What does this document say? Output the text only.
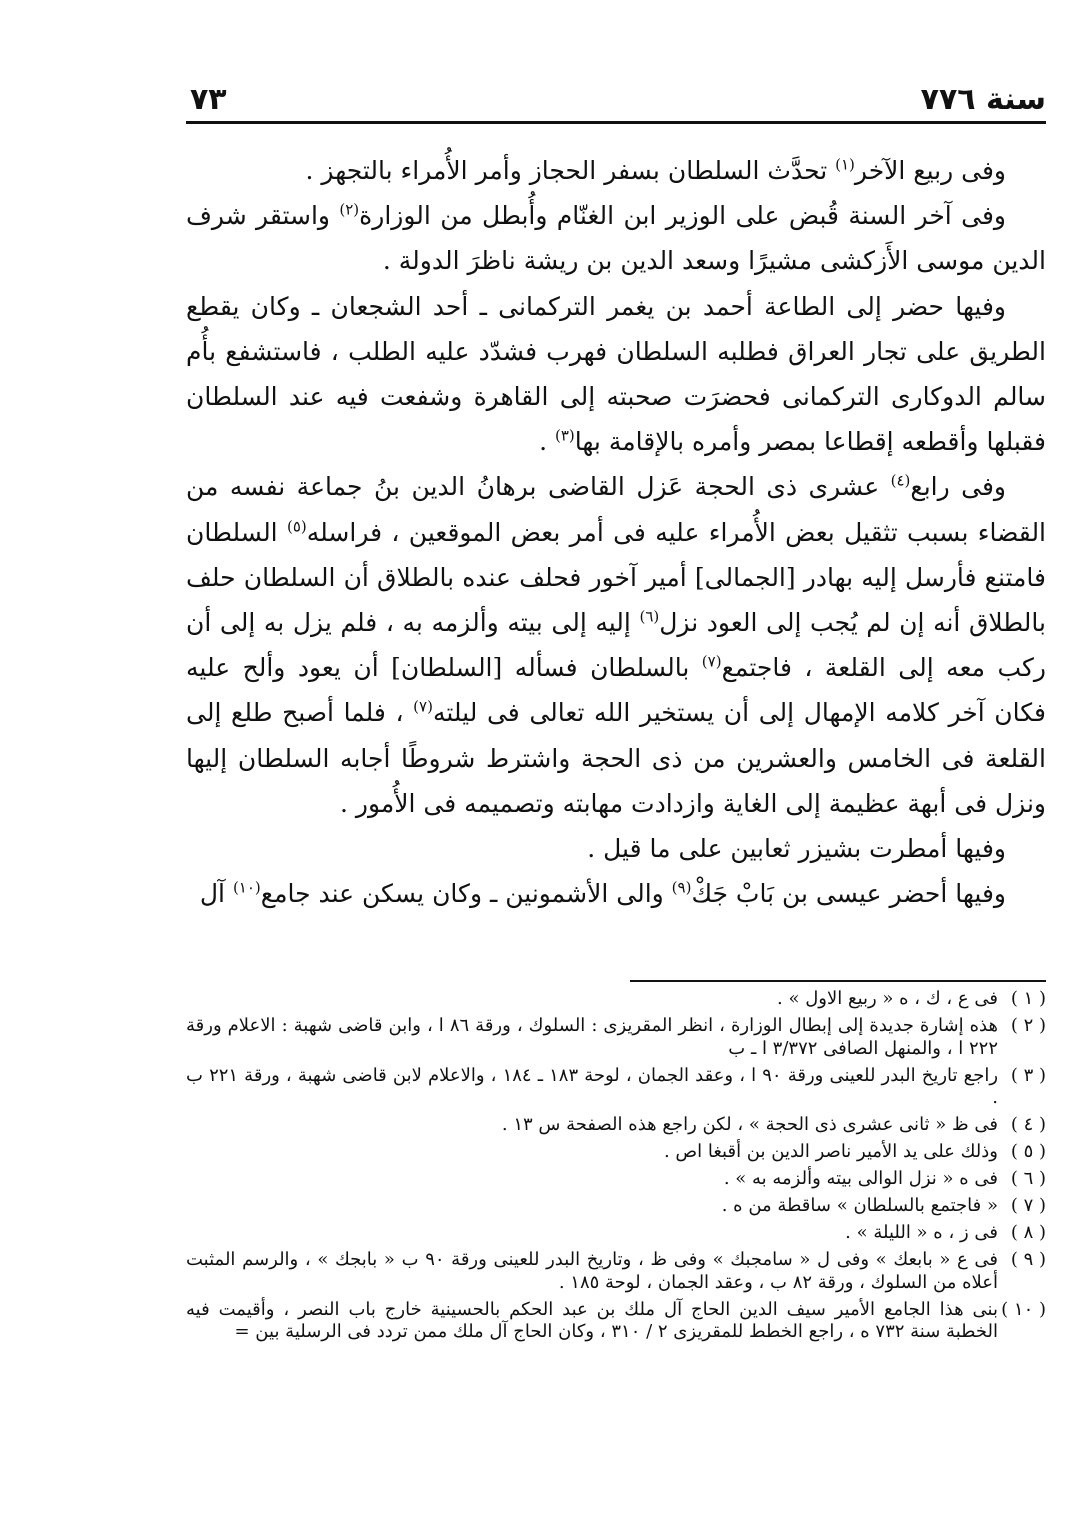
سنة ٧٧٦
٧٣

وفى ربيع الآخر$^{(١)}$ تحدَّث السلطان بسفر الحجاز وأمر الأُمراء بالتجهز .

وفى آخر السنة قُبض على الوزير ابن الغنّام وأُبطل من الوزارة$^{(٢)}$ واستقر شرف الدين موسى الأَزكشى مشيرًا وسعد الدين بن ريشة ناظرَ الدولة .

وفيها حضر إلى الطاعة أحمد بن يغمر التركمانى ـ أحد الشجعان ـ وكان يقطع الطريق على تجار العراق فطلبه السلطان فهرب فشدّد عليه الطلب ، فاستشفع بأُم سالم الدوكارى التركمانى فحضرَت صحبته إلى القاهرة وشفعت فيه عند السلطان فقبلها وأقطعه إقطاعا بمصر وأمره بالإقامة بها$^{(٣)}$ .

وفى رابع$^{(٤)}$ عشرى ذى الحجة عَزل القاضى برهانُ الدين بنُ جماعة نفسه من القضاء بسبب تثقيل بعض الأُمراء عليه فى أمر بعض الموقعين ، فراسله$^{(٥)}$ السلطان فامتنع فأرسل إليه بهادر [الجمالى] أمير آخور فحلف عنده بالطلاق أن السلطان حلف بالطلاق أنه إن لم يُجب إلى العود نزل$^{(٦)}$ إليه إلى بيته وألزمه به ، فلم يزل به إلى أن ركب معه إلى القلعة ، فاجتمع$^{(٧)}$ بالسلطان فسأله [السلطان] أن يعود وألح عليه فكان آخر كلامه الإمهال إلى أن يستخير الله تعالى فى ليلته$^{(٧)}$ ، فلما أصبح طلع إلى القلعة فى الخامس والعشرين من ذى الحجة واشترط شروطًا أجابه السلطان إليها ونزل فى أبهة عظيمة إلى الغاية وازدادت مهابته وتصميمه فى الأُمور .

وفيها أمطرت بشيزر ثعابين على ما قيل .

وفيها أحضر عيسى بن بَابْ جَكْ$^{(٩)}$ والى الأشمونين ـ وكان يسكن عند جامع$^{(١٠)}$ آل

( ١ )
فى ع ، ك ، ه « ربيع الاول » .
( ٢ )
هذه إشارة جديدة إلى إبطال الوزارة ، انظر المقريزى : السلوك ، ورقة ٨٦ ا ، وابن قاضى شهبة : الاعلام ورقة ٢٢٢ ا ، والمنهل الصافى ٣/٣٧٢ ا ـ ب
( ٣ )
راجع تاريخ البدر للعينى ورقة ٩٠ ا ، وعقد الجمان ، لوحة ١٨٣ ـ ١٨٤ ، والاعلام لابن قاضى شهبة ، ورقة ٢٢١ ب .
( ٤ )
فى ظ « ثانى عشرى ذى الحجة » ، لكن راجع هذه الصفحة س ١٣ .
( ٥ )
وذلك على يد الأمير ناصر الدين بن أقبغا اص .
( ٦ )
فى ه « نزل الوالى بيته وألزمه به » .
( ٧ )
« فاجتمع بالسلطان » ساقطة من ه .
( ٨ )
فى ز ، ه « الليلة » .
( ٩ )
فى ع « بابعك » وفى ل « سامجبك » وفى ظ ، وتاريخ البدر للعينى ورقة ٩٠ ب « بابجك » ، والرسم المثبت أعلاه من السلوك ، ورقة ٨٢ ب ، وعقد الجمان ، لوحة ١٨٥ .
( ١٠ )
بنى هذا الجامع الأمير سيف الدين الحاج آل ملك بن عبد الحكم بالحسينية خارج باب النصر ، وأقيمت فيه الخطبة سنة ٧٣٢ ه ، راجع الخطط للمقريزى ٢ / ٣١٠ ، وكان الحاج آل ملك ممن تردد فى الرسلية بين =
